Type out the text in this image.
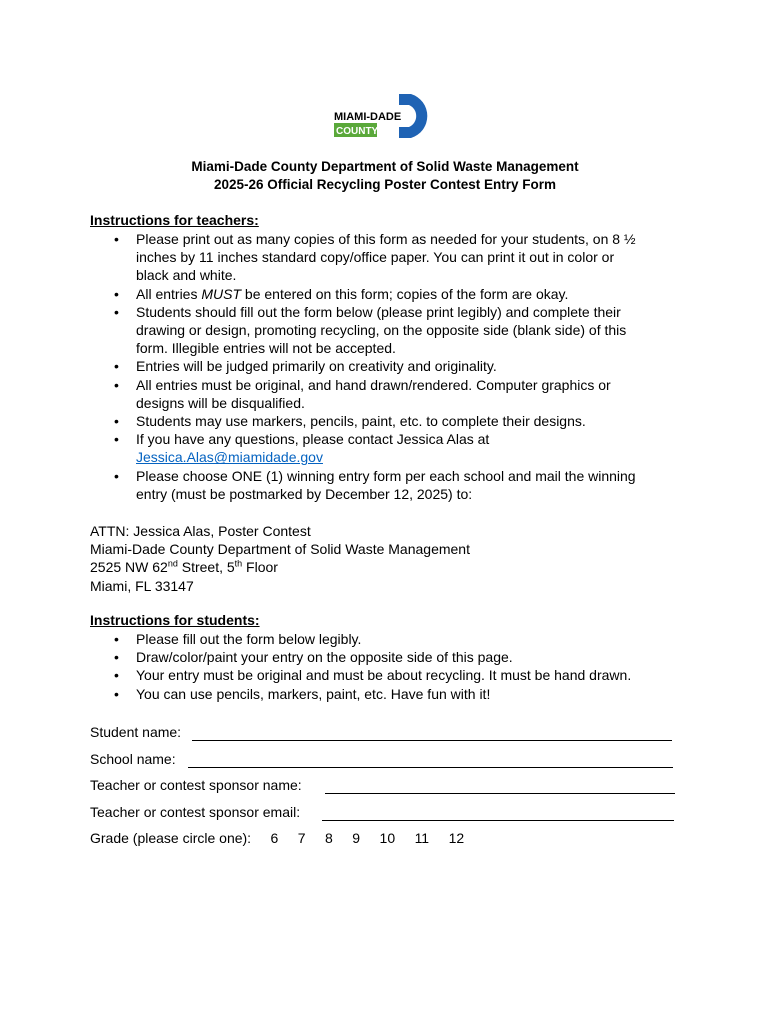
MIAMI-DADE
COUNTY
Miami-Dade County Department of Solid Waste Management
2025-26 Official Recycling Poster Contest Entry Form
Instructions for teachers:
• Please print out as many copies of this form as needed for your students, on 8 ½
inches by 11 inches standard copy/office paper. You can print it out in color or
black and white.
• All entries MUST be entered on this form; copies of the form are okay.
• Students should fill out the form below (please print legibly) and complete their
drawing or design, promoting recycling, on the opposite side (blank side) of this
form. Illegible entries will not be accepted.
• Entries will be judged primarily on creativity and originality.
• All entries must be original, and hand drawn/rendered. Computer graphics or
designs will be disqualified.
• Students may use markers, pencils, paint, etc. to complete their designs.
• If you have any questions, please contact Jessica Alas at
Jessica.Alas@miamidade.gov
• Please choose ONE (1) winning entry form per each school and mail the winning
entry (must be postmarked by December 12, 2025) to:
ATTN: Jessica Alas, Poster Contest
Miami-Dade County Department of Solid Waste Management
2525 NW 62nd Street, 5th Floor
Miami, FL 33147
Instructions for students:
• Please fill out the form below legibly.
• Draw/color/paint your entry on the opposite side of this page.
• Your entry must be original and must be about recycling. It must be hand drawn.
• You can use pencils, markers, paint, etc. Have fun with it!
Student name:
School name:
Teacher or contest sponsor name:
Teacher or contest sponsor email:
Grade (please circle one): 6 7 8 9 10 11 12
